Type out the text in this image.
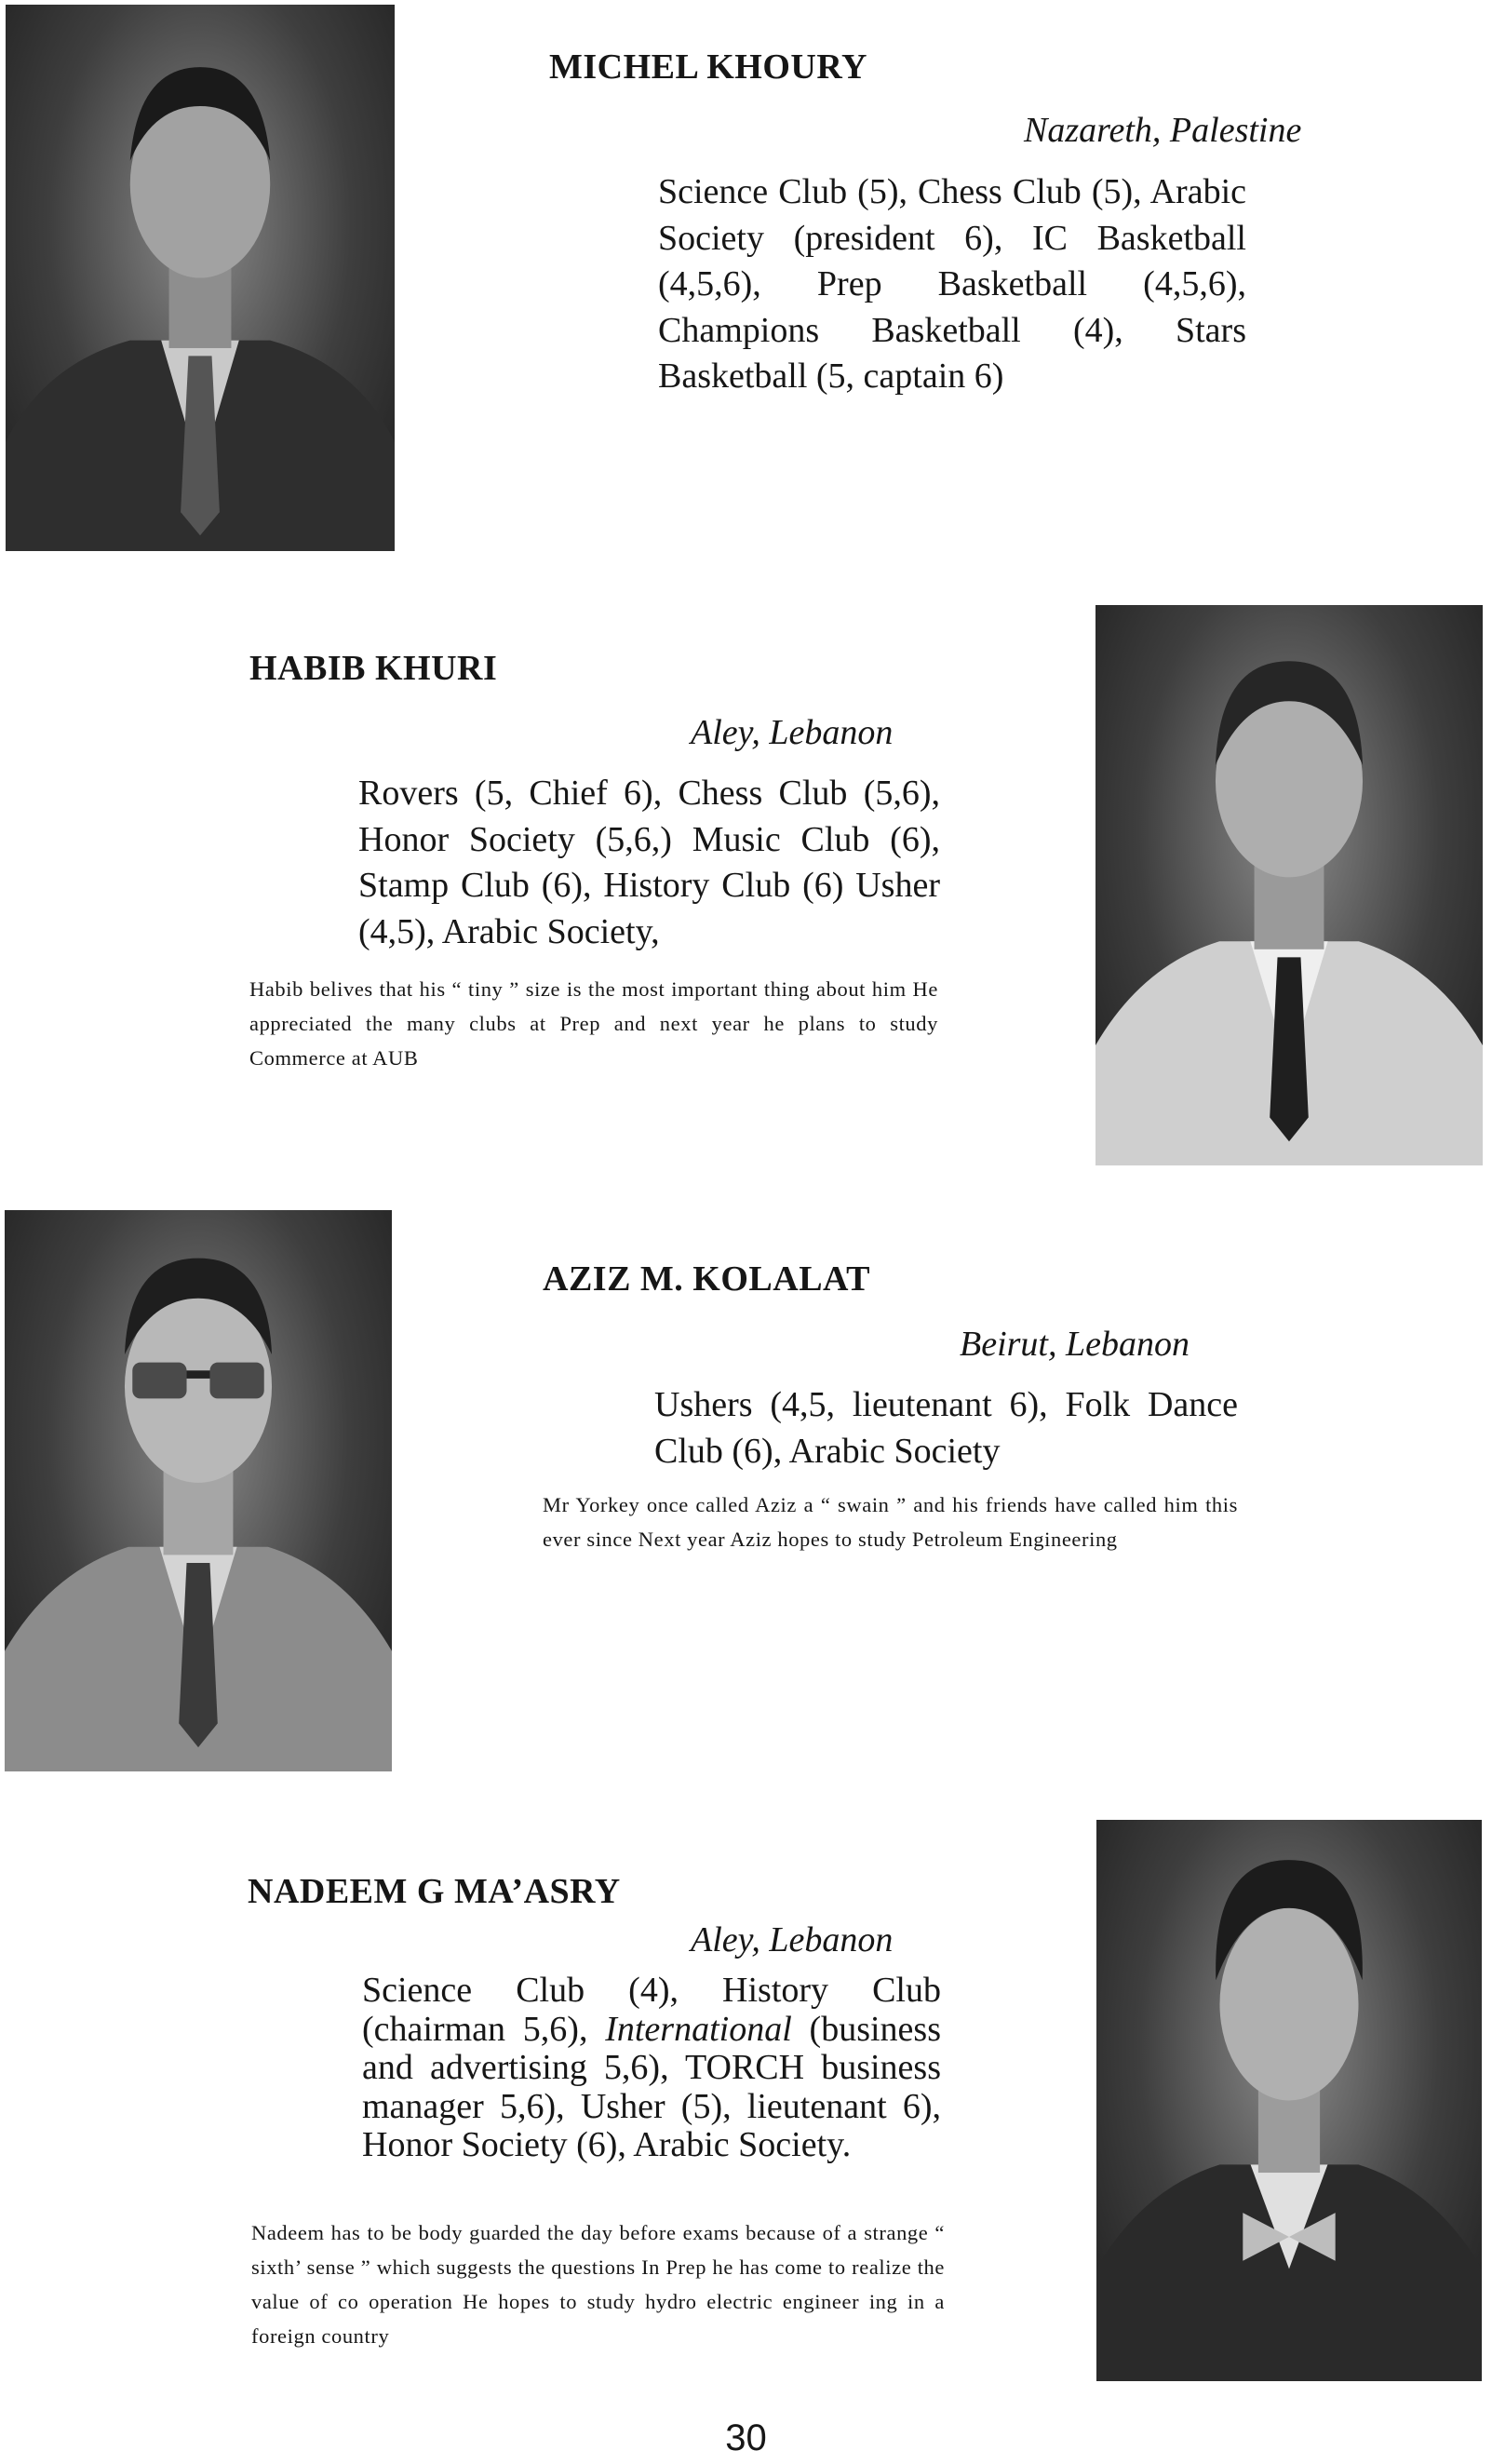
MICHEL KHOURY
Nazareth, Palestine
Science Club (5), Chess Club (5), Arabic Society (president 6), IC Basketball (4,5,6), Prep Basketball (4,5,6), Champions Basketball (4), Stars Basketball (5, captain 6)
HABIB KHURI
Aley, Lebanon
Rovers (5, Chief 6), Chess Club (5,6), Honor Society (5,6,) Music Club (6), Stamp Club (6), History Club (6) Usher (4,5), Arabic Society,
Habib belives that his “ tiny ” size is the most important thing about him He appreciated the many clubs at Prep and next year he plans to study Commerce at AUB
AZIZ M. KOLALAT
Beirut, Lebanon
Ushers (4,5, lieutenant 6), Folk Dance Club (6), Arabic Society
Mr Yorkey once called Aziz a “ swain ” and his friends have called him this ever since Next year Aziz hopes to study Petroleum Engineering
NADEEM G MA’ASRY
Aley, Lebanon
Science Club (4), History Club (chairman 5,6), International (business and advertising 5,6), TORCH business manager 5,6), Usher (5), lieutenant 6), Honor Society (6), Arabic Society.
Nadeem has to be body guarded the day before exams because of a strange “ sixth’ sense ” which suggests the questions In Prep he has come to realize the value of co operation He hopes to study hydro electric engineer ing in a foreign country
30
